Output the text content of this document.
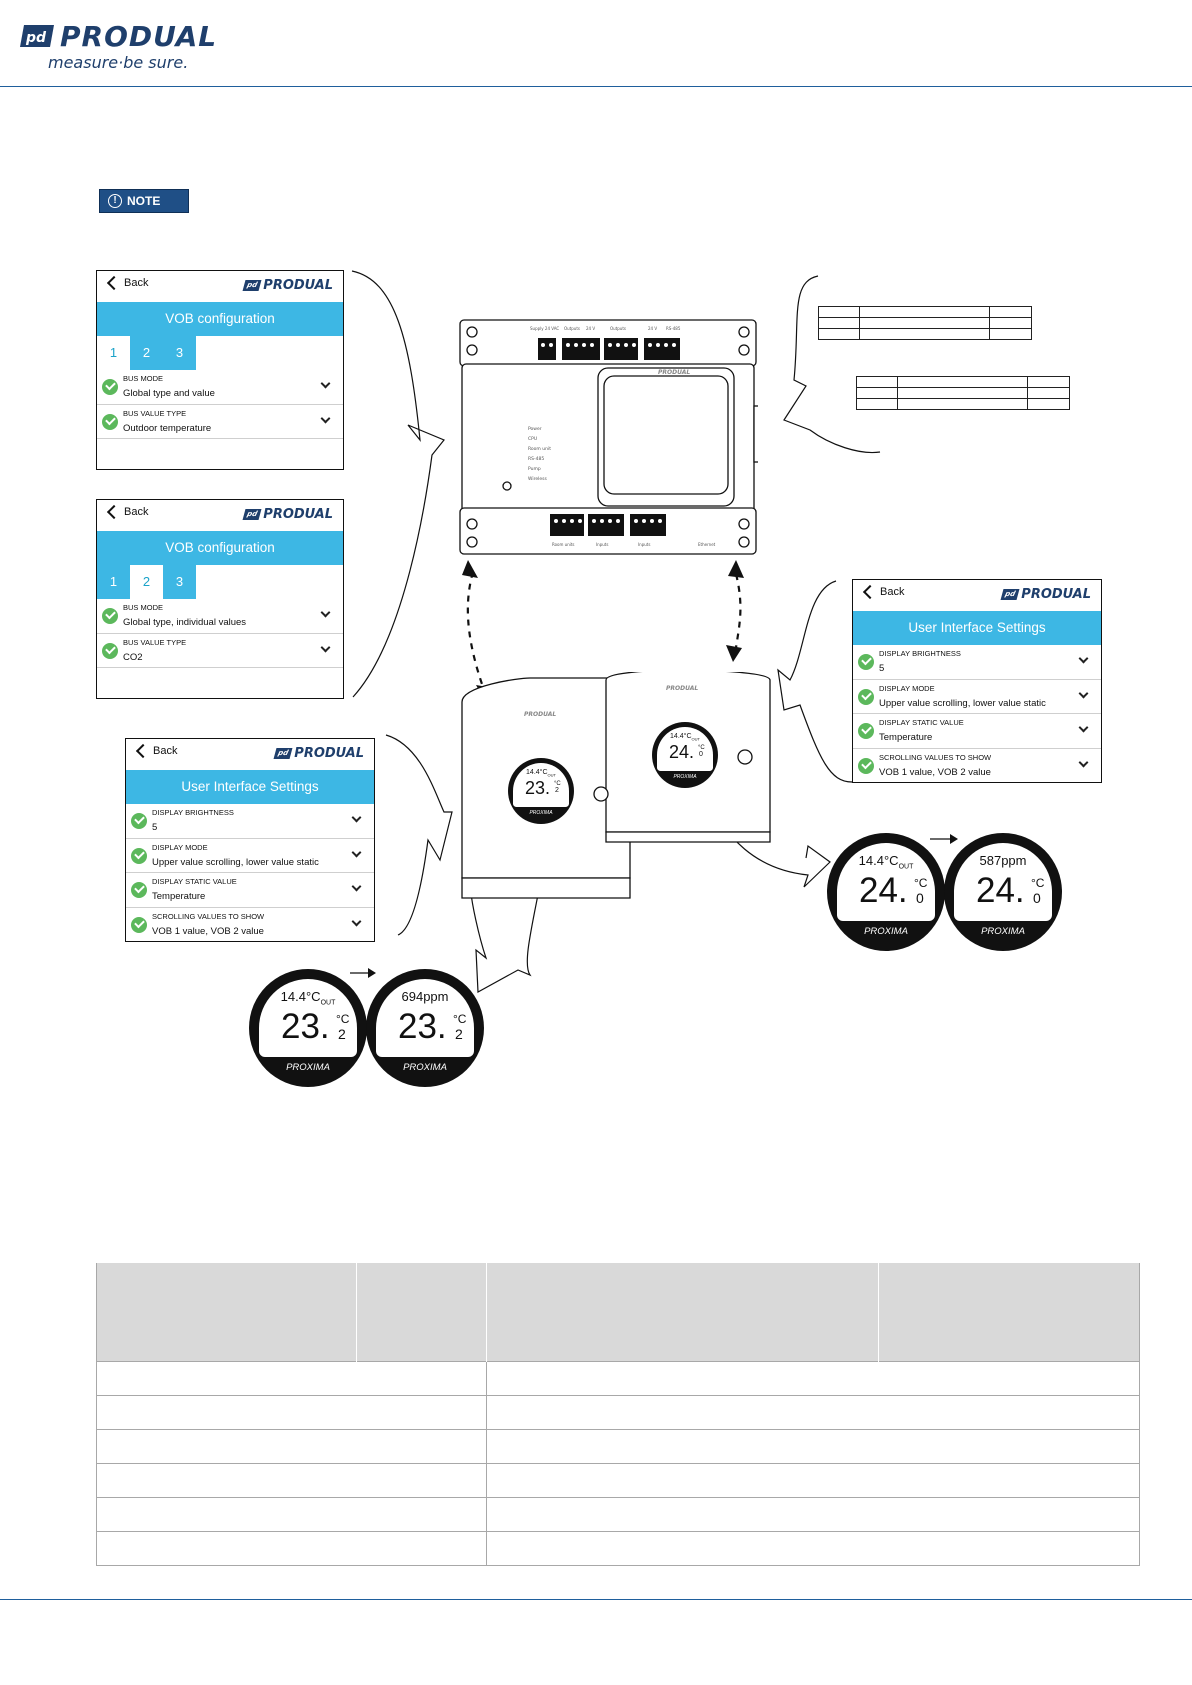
pd PRODUAL
measure·be sure.
! NOTE
Supply 24 VAC Outputs 24 V	Outputs	24 V RS-485
Room units	Inputs	Inputs	Ethernet
Power
CPU
Room unit
RS-485
Pump
Wireless
PRODUAL

PRODUAL
PRODUAL
$14.4^\circ C_{OUT}$
23. °C
2
PROXIMA
$14.4^\circ C_{OUT}$
24. °C
0
PROXIMA
Back	pd PRODUAL
VOB configuration
1	2	3
BUS MODE
Global type and value
BUS VALUE TYPE
Outdoor temperature
Back	pd PRODUAL
VOB configuration
1	2	3
BUS MODE
Global type, individual values
BUS VALUE TYPE
CO2
Back	pd PRODUAL
User Interface Settings
DISPLAY BRIGHTNESS
5
DISPLAY MODE
Upper value scrolling, lower value static
DISPLAY STATIC VALUE
Temperature
SCROLLING VALUES TO SHOW
VOB 1 value, VOB 2 value
Back	pd PRODUAL
User Interface Settings
DISPLAY BRIGHTNESS
5
DISPLAY MODE
Upper value scrolling, lower value static
DISPLAY STATIC VALUE
Temperature
SCROLLING VALUES TO SHOW
VOB 1 value, VOB 2 value
$14.4^\circ C_{OUT}$
24. °C
0
PROXIMA
587ppm
24. °C
0
PROXIMA
$14.4^\circ C_{OUT}$
23. °C
2
PROXIMA
694ppm
23. °C
2
PROXIMA
